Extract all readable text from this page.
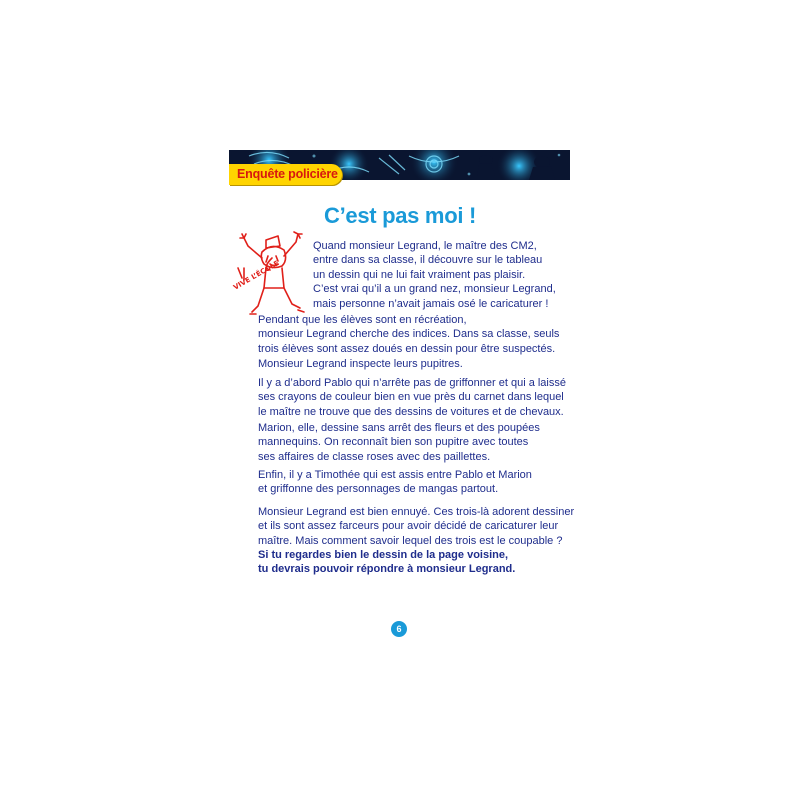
Enquête policière
C’est pas moi !
VIVE L’ÉCOLE
Quand monsieur Legrand, le maître des CM2,
entre dans sa classe, il découvre sur le tableau
un dessin qui ne lui fait vraiment pas plaisir.
C’est vrai qu’il a un grand nez, monsieur Legrand,
mais personne n’avait jamais osé le caricaturer !
Pendant que les élèves sont en récréation,
monsieur Legrand cherche des indices. Dans sa classe, seuls
trois élèves sont assez doués en dessin pour être suspectés.
Monsieur Legrand inspecte leurs pupitres.
Il y a d’abord Pablo qui n’arrête pas de griffonner et qui a laissé
ses crayons de couleur bien en vue près du carnet dans lequel
le maître ne trouve que des dessins de voitures et de chevaux.
Marion, elle, dessine sans arrêt des fleurs et des poupées
mannequins. On reconnaît bien son pupitre avec toutes
ses affaires de classe roses avec des paillettes.
Enfin, il y a Timothée qui est assis entre Pablo et Marion
et griffonne des personnages de mangas partout.
Monsieur Legrand est bien ennuyé. Ces trois-là adorent dessiner
et ils sont assez farceurs pour avoir décidé de caricaturer leur
maître. Mais comment savoir lequel des trois est le coupable ?
Si tu regardes bien le dessin de la page voisine,
tu devrais pouvoir répondre à monsieur Legrand.
6
